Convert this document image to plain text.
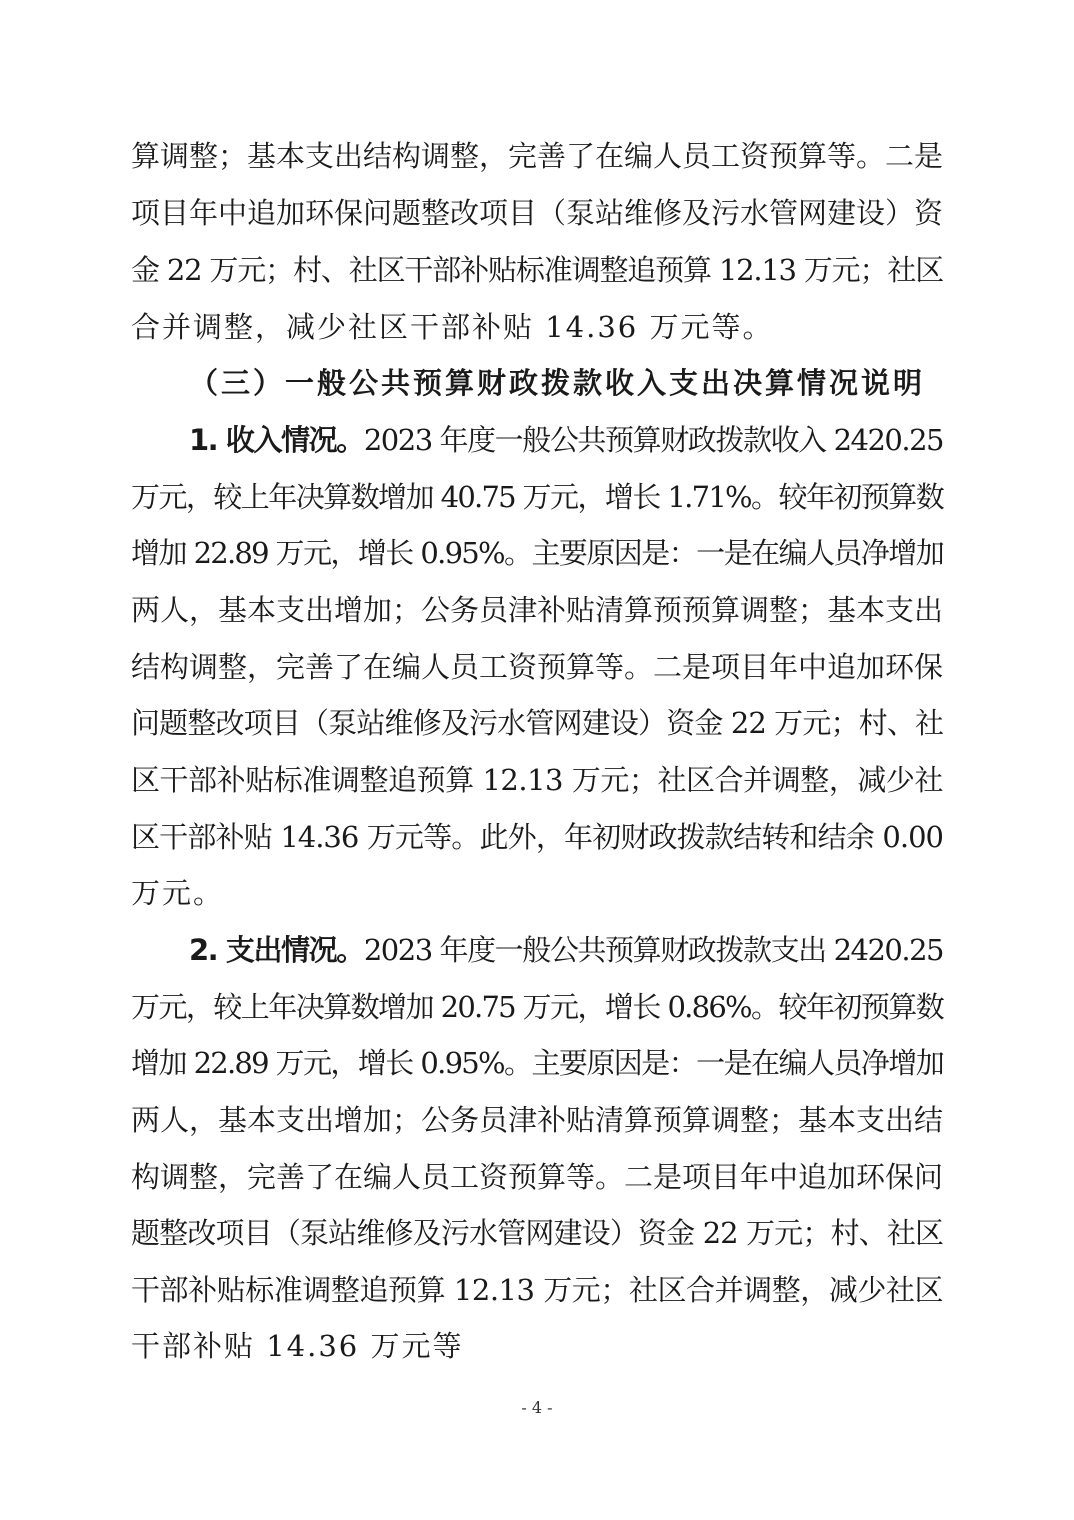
算调整；基本支出结构调整，完善了在编人员工资预算等。二是
项目年中追加环保问题整改项目（泵站维修及污水管网建设）资
金 22 万元；村、社区干部补贴标准调整追预算 12.13 万元；社区
合并调整，减少社区干部补贴 14.36 万元等。
（三）一般公共预算财政拨款收入支出决算情况说明
1. 收入情况。2023 年度一般公共预算财政拨款收入 2420.25
万元，较上年决算数增加 40.75 万元，增长 1.71%。较年初预算数
增加 22.89 万元，增长 0.95%。主要原因是：一是在编人员净增加
两人，基本支出增加；公务员津补贴清算预预算调整；基本支出
结构调整，完善了在编人员工资预算等。二是项目年中追加环保
问题整改项目（泵站维修及污水管网建设）资金 22 万元；村、社
区干部补贴标准调整追预算 12.13 万元；社区合并调整，减少社
区干部补贴 14.36 万元等。此外，年初财政拨款结转和结余 0.00
万元。
2. 支出情况。2023 年度一般公共预算财政拨款支出 2420.25
万元，较上年决算数增加 20.75 万元，增长 0.86%。较年初预算数
增加 22.89 万元，增长 0.95%。主要原因是：一是在编人员净增加
两人，基本支出增加；公务员津补贴清算预算调整；基本支出结
构调整，完善了在编人员工资预算等。二是项目年中追加环保问
题整改项目（泵站维修及污水管网建设）资金 22 万元；村、社区
干部补贴标准调整追预算 12.13 万元；社区合并调整，减少社区
干部补贴 14.36 万元等
- 4 -
